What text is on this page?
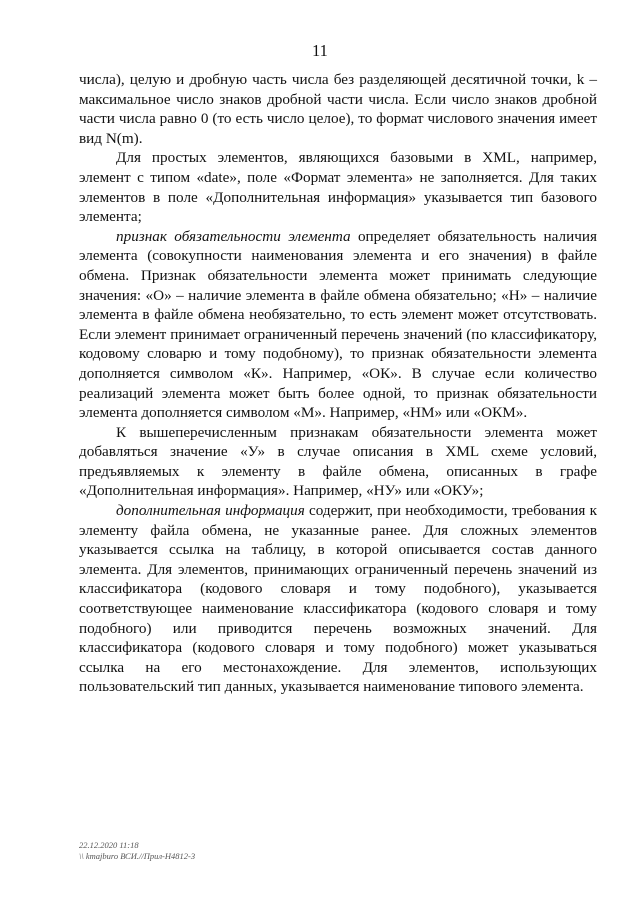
11
числа), целую и дробную часть числа без разделяющей десятичной точки, k –
максимальное число знаков дробной части числа. Если число знаков дробной
части числа равно 0 (то есть число целое), то формат числового значения имеет
вид N(m).
Для простых элементов, являющихся базовыми в XML, например,
элемент с типом «date», поле «Формат элемента» не заполняется. Для таких
элементов в поле «Дополнительная информация» указывается тип базового
элемента;
признак обязательности элемента определяет обязательность наличия
элемента (совокупности наименования элемента и его значения) в файле
обмена. Признак обязательности элемента может принимать следующие
значения: «О» – наличие элемента в файле обмена обязательно; «Н» – наличие
элемента в файле обмена необязательно, то есть элемент может отсутствовать.
Если элемент принимает ограниченный перечень значений (по классификатору,
кодовому словарю и тому подобному), то признак обязательности элемента
дополняется символом «К». Например, «ОК». В случае если количество
реализаций элемента может быть более одной, то признак обязательности
элемента дополняется символом «М». Например, «НМ» или «ОКМ».
К вышеперечисленным признакам обязательности элемента может
добавляться значение «У» в случае описания в XML схеме условий,
предъявляемых к элементу в файле обмена, описанных в графе
«Дополнительная информация». Например, «НУ» или «ОКУ»;
дополнительная информация содержит, при необходимости, требования к
элементу файла обмена, не указанные ранее. Для сложных элементов
указывается ссылка на таблицу, в которой описывается состав данного
элемента. Для элементов, принимающих ограниченный перечень значений из
классификатора (кодового словаря и тому подобного), указывается
соответствующее наименование классификатора (кодового словаря и тому
подобного) или приводится перечень возможных значений. Для
классификатора (кодового словаря и тому подобного) может указываться
ссылка на его местонахождение. Для элементов, использующих
пользовательский тип данных, указывается наименование типового элемента.
22.12.2020 11:18
\\ kmajburo ВСИ.//Прил-Н4812-3
